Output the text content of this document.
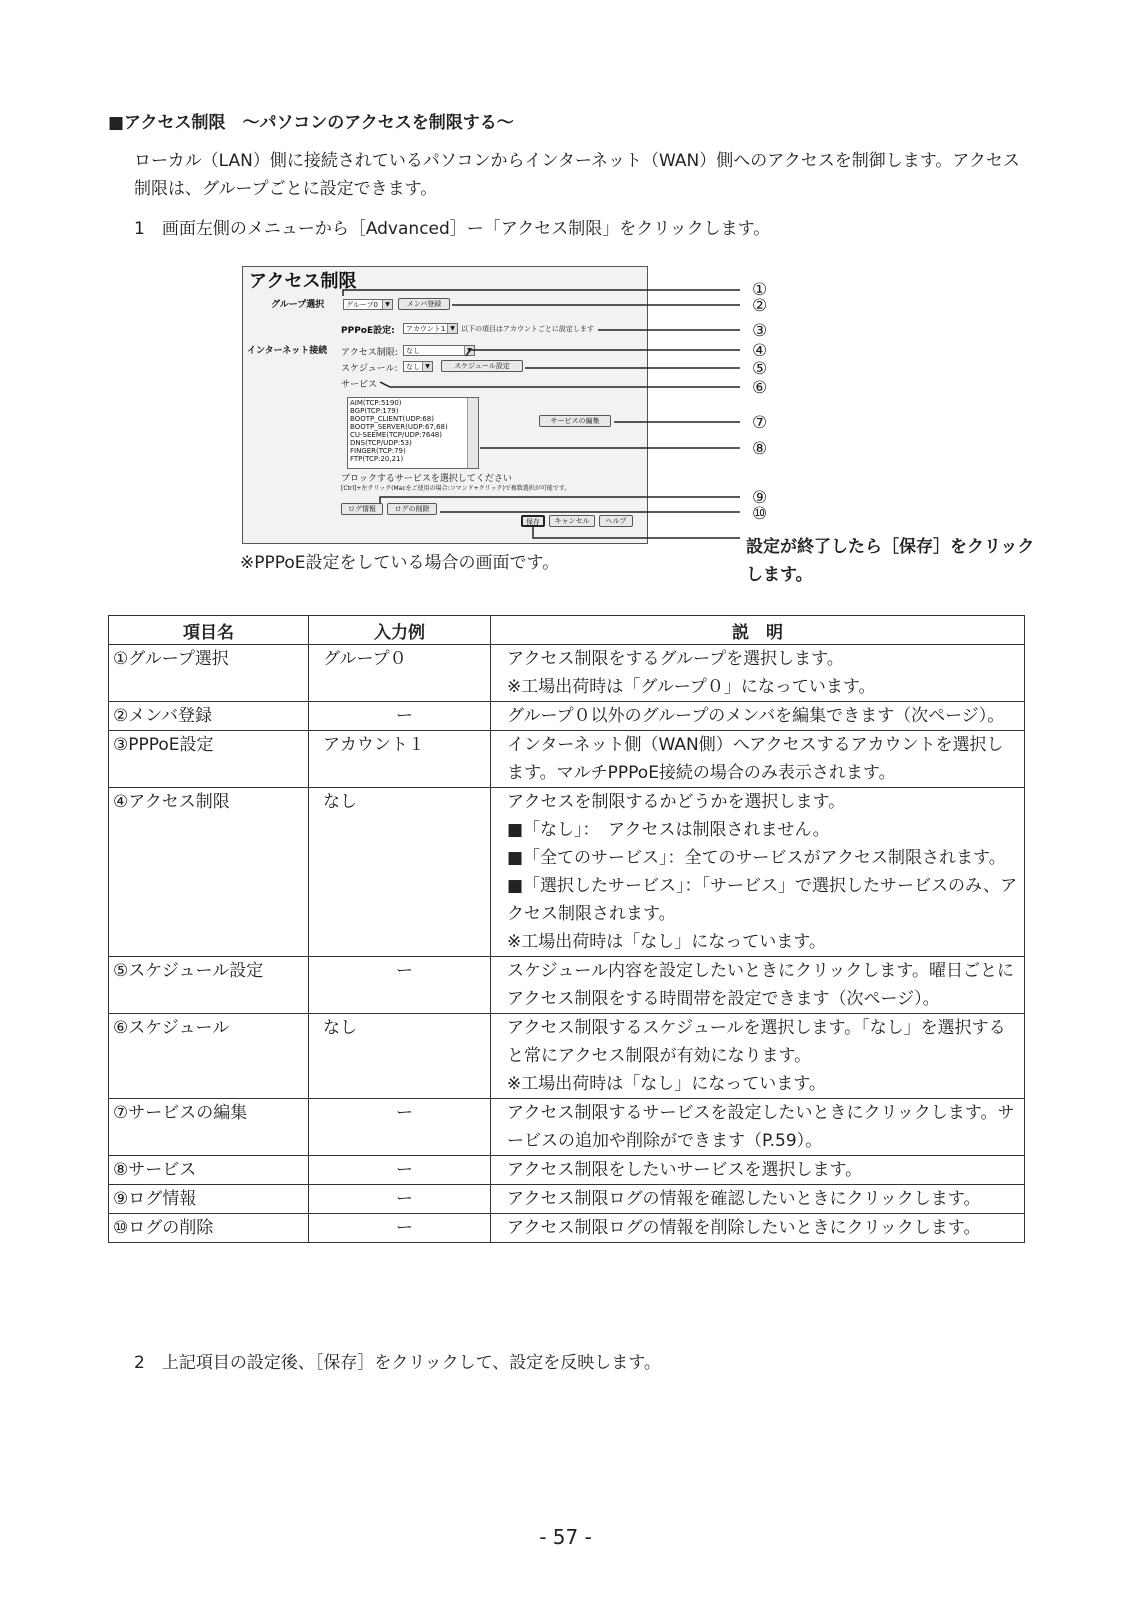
■アクセス制限　～パソコンのアクセスを制限する～
ローカル（LAN）側に接続されているパソコンからインターネット（WAN）側へのアクセスを制御します。アクセス制限は、グループごとに設定できます。
1　画面左側のメニューから［Advanced］ー「アクセス制限」をクリックします。
アクセス制限
グループ選択	グループ0	▼	メンバ登録
PPPoE設定:	アカウント1 ▼ 以下の項目はアカウントごとに設定します
インターネット接続 アクセス制限:	なし	▼
スケジュール:	なし ▼	スケジュール設定
サービス
AIM(TCP:5190)
BGP(TCP:179)
BOOTP_CLIENT(UDP:68)
BOOTP_SERVER(UDP:67,68)
CU-SEEME(TCP/UDP:7648)
DNS(TCP/UDP:53)
FINGER(TCP:79)
FTP(TCP:20,21)
サービスの編集
ブロックするサービスを選択してください
[Ctrl]+左クリック(Macをご使用の場合:コマンド+クリック)で複数選択が可能です。
ログ情報	ログの削除
保存	キャンセル	ヘルプ
①
②
③
④
⑤
⑥
⑦
⑧
⑨
⑩
設定が終了したら［保存］をクリックします。
※PPPoE設定をしている場合の画面です。
項目名	入力例	説　明
①グループ選択	グループ０	アクセス制限をするグループを選択します。
※工場出荷時は「グループ０」になっています。

②メンバ登録	ー	グループ０以外のグループのメンバを編集できます（次ページ）。

③PPPoE設定	アカウント１	インターネット側（WAN側）へアクセスするアカウントを選択します。マルチPPPoE接続の場合のみ表示されます。

④アクセス制限	なし	アクセスを制限するかどうかを選択します。
■「なし」：　アクセスは制限されません。
■「全てのサービス」：全てのサービスがアクセス制限されます。
■「選択したサービス」：「サービス」で選択したサービスのみ、アクセス制限されます。
※工場出荷時は「なし」になっています。

⑤スケジュール設定	ー	スケジュール内容を設定したいときにクリックします。曜日ごとにアクセス制限をする時間帯を設定できます（次ページ）。

⑥スケジュール	なし	アクセス制限するスケジュールを選択します。「なし」を選択すると常にアクセス制限が有効になります。
※工場出荷時は「なし」になっています。

⑦サービスの編集	ー	アクセス制限するサービスを設定したいときにクリックします。サービスの追加や削除ができます（P.59）。

⑧サービス	ー	アクセス制限をしたいサービスを選択します。

⑨ログ情報	ー	アクセス制限ログの情報を確認したいときにクリックします。

⑩ログの削除	ー	アクセス制限ログの情報を削除したいときにクリックします。
2　上記項目の設定後、［保存］をクリックして、設定を反映します。
- 57 -
